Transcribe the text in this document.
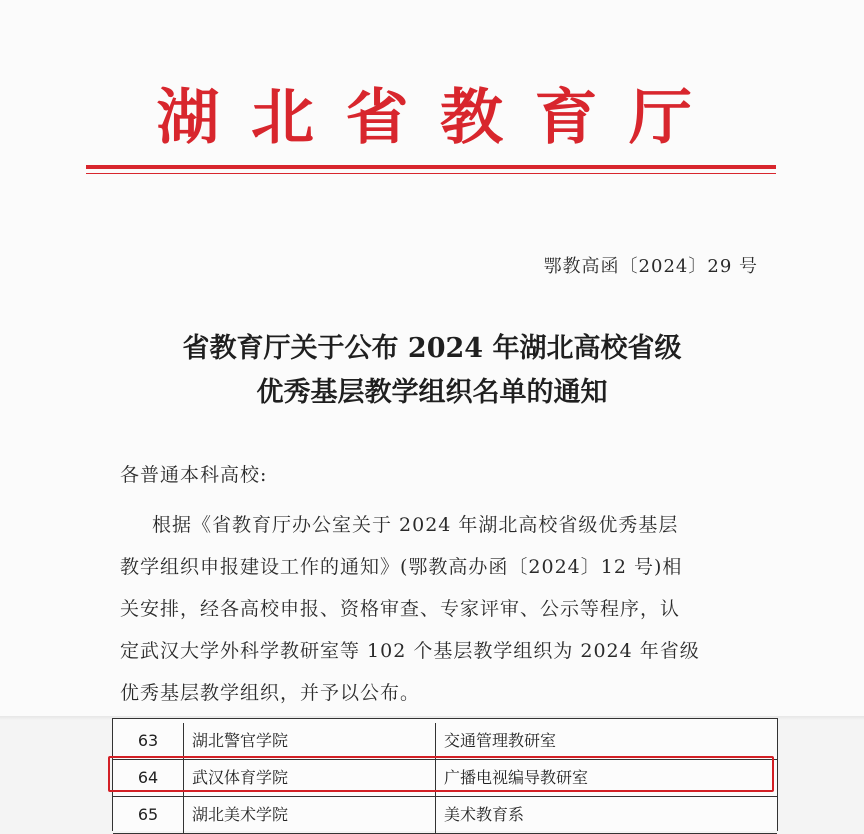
湖北省教育厅
鄂教高函〔2024〕29 号
省教育厅关于公布 2024 年湖北高校省级
优秀基层教学组织名单的通知
各普通本科高校:
根据《省教育厅办公室关于 2024 年湖北高校省级优秀基层
教学组织申报建设工作的通知》(鄂教高办函〔2024〕12 号)相
关安排，经各高校申报、资格审查、专家评审、公示等程序，认
定武汉大学外科学教研室等 102 个基层教学组织为 2024 年省级
优秀基层教学组织，并予以公布。
63	湖北警官学院	交通管理教研室
64	武汉体育学院	广播电视编导教研室
65	湖北美术学院	美术教育系
